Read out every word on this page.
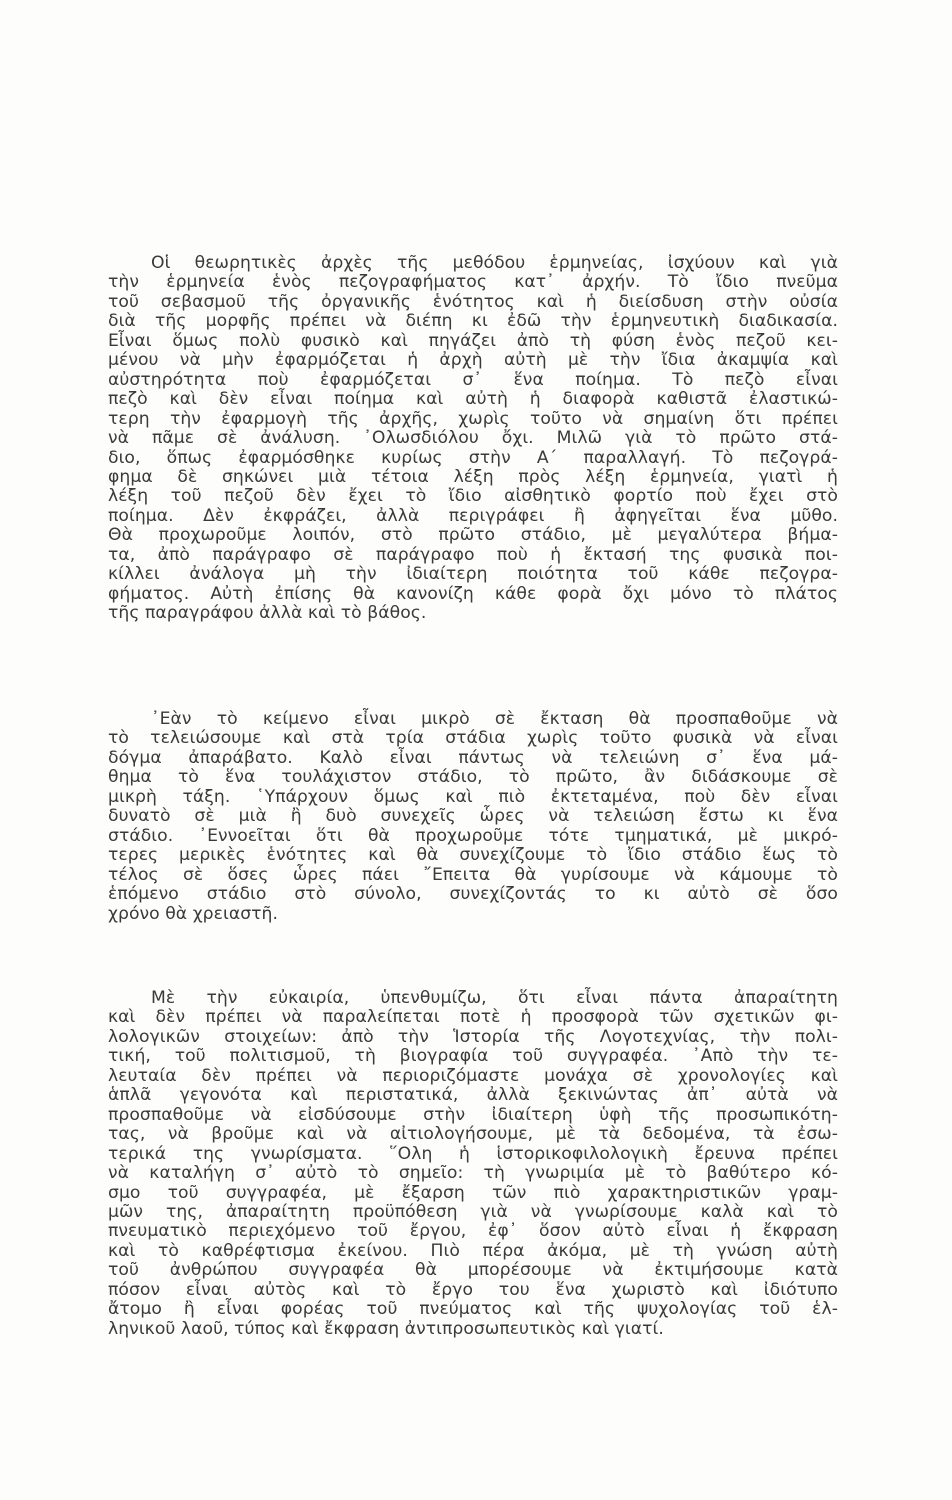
Οἱ θεωρητικὲς ἀρχὲς τῆς μεθόδου ἑρμηνείας, ἰσχύουν καὶ γιὰ
τὴν ἑρμηνεία ἑνὸς πεζογραφήματος κατ᾽ ἀρχήν. Τὸ ἴδιο πνεῦμα
τοῦ σεβασμοῦ τῆς ὀργανικῆς ἑνότητος καὶ ἡ διείσδυση στὴν οὐσία
διὰ τῆς μορφῆς πρέπει νὰ διέπη κι ἐδῶ τὴν ἑρμηνευτικὴ διαδικασία.
Εἶναι ὅμως πολὺ φυσικὸ καὶ πηγάζει ἀπὸ τὴ φύση ἑνὸς πεζοῦ κει-
μένου νὰ μὴν ἐφαρμόζεται ἡ ἀρχὴ αὐτὴ μὲ τὴν ἴδια ἀκαμψία καὶ
αὐστηρότητα ποὺ ἐφαρμόζεται σ᾽ ἕνα ποίημα. Τὸ πεζὸ εἶναι
πεζὸ καὶ δὲν εἶναι ποίημα καὶ αὐτὴ ἡ διαφορὰ καθιστᾶ ἐλαστικώ-
τερη τὴν ἐφαρμογὴ τῆς ἀρχῆς, χωρὶς τοῦτο νὰ σημαίνη ὅτι πρέπει
νὰ πᾶμε σὲ ἀνάλυση. ᾽Ολωσδιόλου ὄχι. Μιλῶ γιὰ τὸ πρῶτο στά-
διο, ὅπως ἐφαρμόσθηκε κυρίως στὴν Α΄ παραλλαγή. Τὸ πεζογρά-
φημα δὲ σηκώνει μιὰ τέτοια λέξη πρὸς λέξη ἑρμηνεία, γιατὶ ἡ
λέξη τοῦ πεζοῦ δὲν ἔχει τὸ ἴδιο αἰσθητικὸ φορτίο ποὺ ἔχει στὸ
ποίημα. Δὲν ἐκφράζει, ἀλλὰ περιγράφει ἢ ἀφηγεῖται ἕνα μῦθο.
Θὰ προχωροῦμε λοιπόν, στὸ πρῶτο στάδιο, μὲ μεγαλύτερα βήμα-
τα, ἀπὸ παράγραφο σὲ παράγραφο ποὺ ἡ ἔκτασή της φυσικὰ ποι-
κίλλει ἀνάλογα μὴ τὴν ἰδιαίτερη ποιότητα τοῦ κάθε πεζογρα-
φήματος. Αὐτὴ ἐπίσης θὰ κανονίζη κάθε φορὰ ὄχι μόνο τὸ πλάτος
τῆς παραγράφου ἀλλὰ καὶ τὸ βάθος.

᾽Εὰν τὸ κείμενο εἶναι μικρὸ σὲ ἔκταση θὰ προσπαθοῦμε νὰ
τὸ τελειώσουμε καὶ στὰ τρία στάδια χωρὶς τοῦτο φυσικὰ νὰ εἶναι
δόγμα ἀπαράβατο. Καλὸ εἶναι πάντως νὰ τελειώνη σ᾽ ἕνα μά-
θημα τὸ ἕνα τουλάχιστον στάδιο, τὸ πρῶτο, ἂν διδάσκουμε σὲ
μικρὴ τάξη. ῾Υπάρχουν ὅμως καὶ πιὸ ἐκτεταμένα, ποὺ δὲν εἶναι
δυνατὸ σὲ μιὰ ἢ δυὸ συνεχεῖς ὧρες νὰ τελειώση ἔστω κι ἕνα
στάδιο. ᾽Εννοεῖται ὅτι θὰ προχωροῦμε τότε τμηματικά, μὲ μικρό-
τερες μερικὲς ἑνότητες καὶ θὰ συνεχίζουμε τὸ ἴδιο στάδιο ἕως τὸ
τέλος σὲ ὅσες ὧρες πάει ῎Επειτα θὰ γυρίσουμε νὰ κάμουμε τὸ
ἑπόμενο στάδιο στὸ σύνολο, συνεχίζοντάς το κι αὐτὸ σὲ ὅσο
χρόνο θὰ χρειαστῆ.

Μὲ τὴν εὐκαιρία, ὑπενθυμίζω, ὅτι εἶναι πάντα ἀπαραίτητη
καὶ δὲν πρέπει νὰ παραλείπεται ποτὲ ἡ προσφορὰ τῶν σχετικῶν φι-
λολογικῶν στοιχείων: ἀπὸ τὴν Ἱστορία τῆς Λογοτεχνίας, τὴν πολι-
τική, τοῦ πολιτισμοῦ, τὴ βιογραφία τοῦ συγγραφέα. ᾽Απὸ τὴν τε-
λευταία δὲν πρέπει νὰ περιοριζόμαστε μονάχα σὲ χρονολογίες καὶ
ἁπλᾶ γεγονότα καὶ περιστατικά, ἀλλὰ ξεκινώντας ἀπ᾽ αὐτὰ νὰ
προσπαθοῦμε νὰ εἰσδύσουμε στὴν ἰδιαίτερη ὑφὴ τῆς προσωπικότη-
τας, νὰ βροῦμε καὶ νὰ αἰτιολογήσουμε, μὲ τὰ δεδομένα, τὰ ἐσω-
τερικά της γνωρίσματα. ῞Ολη ἡ ἱστορικοφιλολογικὴ ἔρευνα πρέπει
νὰ καταλήγη σ᾽ αὐτὸ τὸ σημεῖο: τὴ γνωριμία μὲ τὸ βαθύτερο κό-
σμο τοῦ συγγραφέα, μὲ ἔξαρση τῶν πιὸ χαρακτηριστικῶν γραμ-
μῶν της, ἀπαραίτητη προϋπόθεση γιὰ νὰ γνωρίσουμε καλὰ καὶ τὸ
πνευματικὸ περιεχόμενο τοῦ ἔργου, ἐφ᾽ ὅσον αὐτὸ εἶναι ἡ ἔκφραση
καὶ τὸ καθρέφτισμα ἐκείνου. Πιὸ πέρα ἀκόμα, μὲ τὴ γνώση αὐτὴ
τοῦ ἀνθρώπου συγγραφέα θὰ μπορέσουμε νὰ ἐκτιμήσουμε κατὰ
πόσον εἶναι αὐτὸς καὶ τὸ ἔργο του ἕνα χωριστὸ καὶ ἰδιότυπο
ἄτομο ἢ εἶναι φορέας τοῦ πνεύματος καὶ τῆς ψυχολογίας τοῦ ἑλ-
ληνικοῦ λαοῦ, τύπος καὶ ἔκφραση ἀντιπροσωπευτικὸς καὶ γιατί.
